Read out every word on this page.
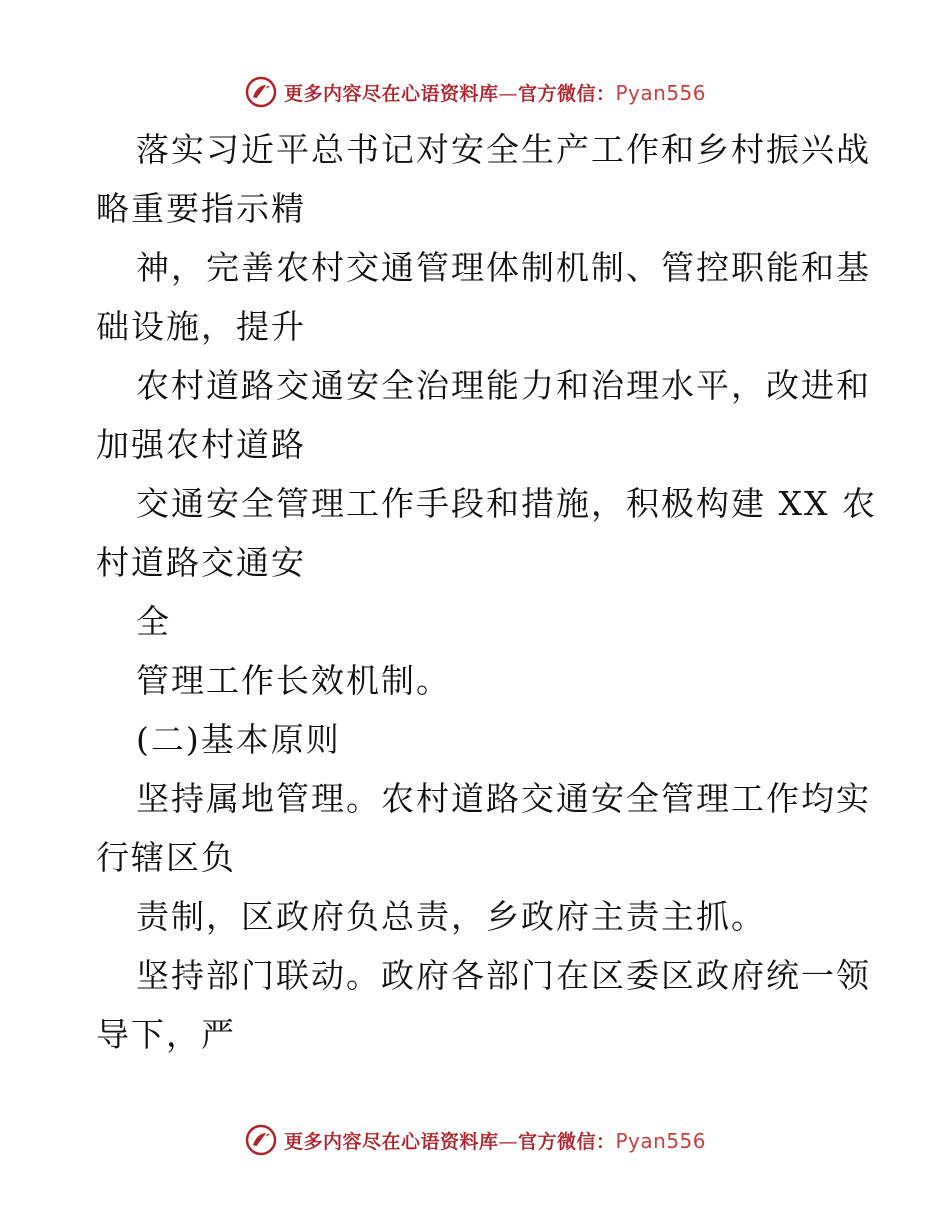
更多内容尽在心语资料库—官方微信：Pyan556
落实习近平总书记对安全生产工作和乡村振兴战
略重要指示精
神，完善农村交通管理体制机制、管控职能和基
础设施，提升
农村道路交通安全治理能力和治理水平，改进和
加强农村道路
交通安全管理工作手段和措施，积极构建 XX 农
村道路交通安
全
管理工作长效机制。
(二)基本原则
坚持属地管理。农村道路交通安全管理工作均实
行辖区负
责制，区政府负总责，乡政府主责主抓。
坚持部门联动。政府各部门在区委区政府统一领
导下，严
更多内容尽在心语资料库—官方微信：Pyan556
